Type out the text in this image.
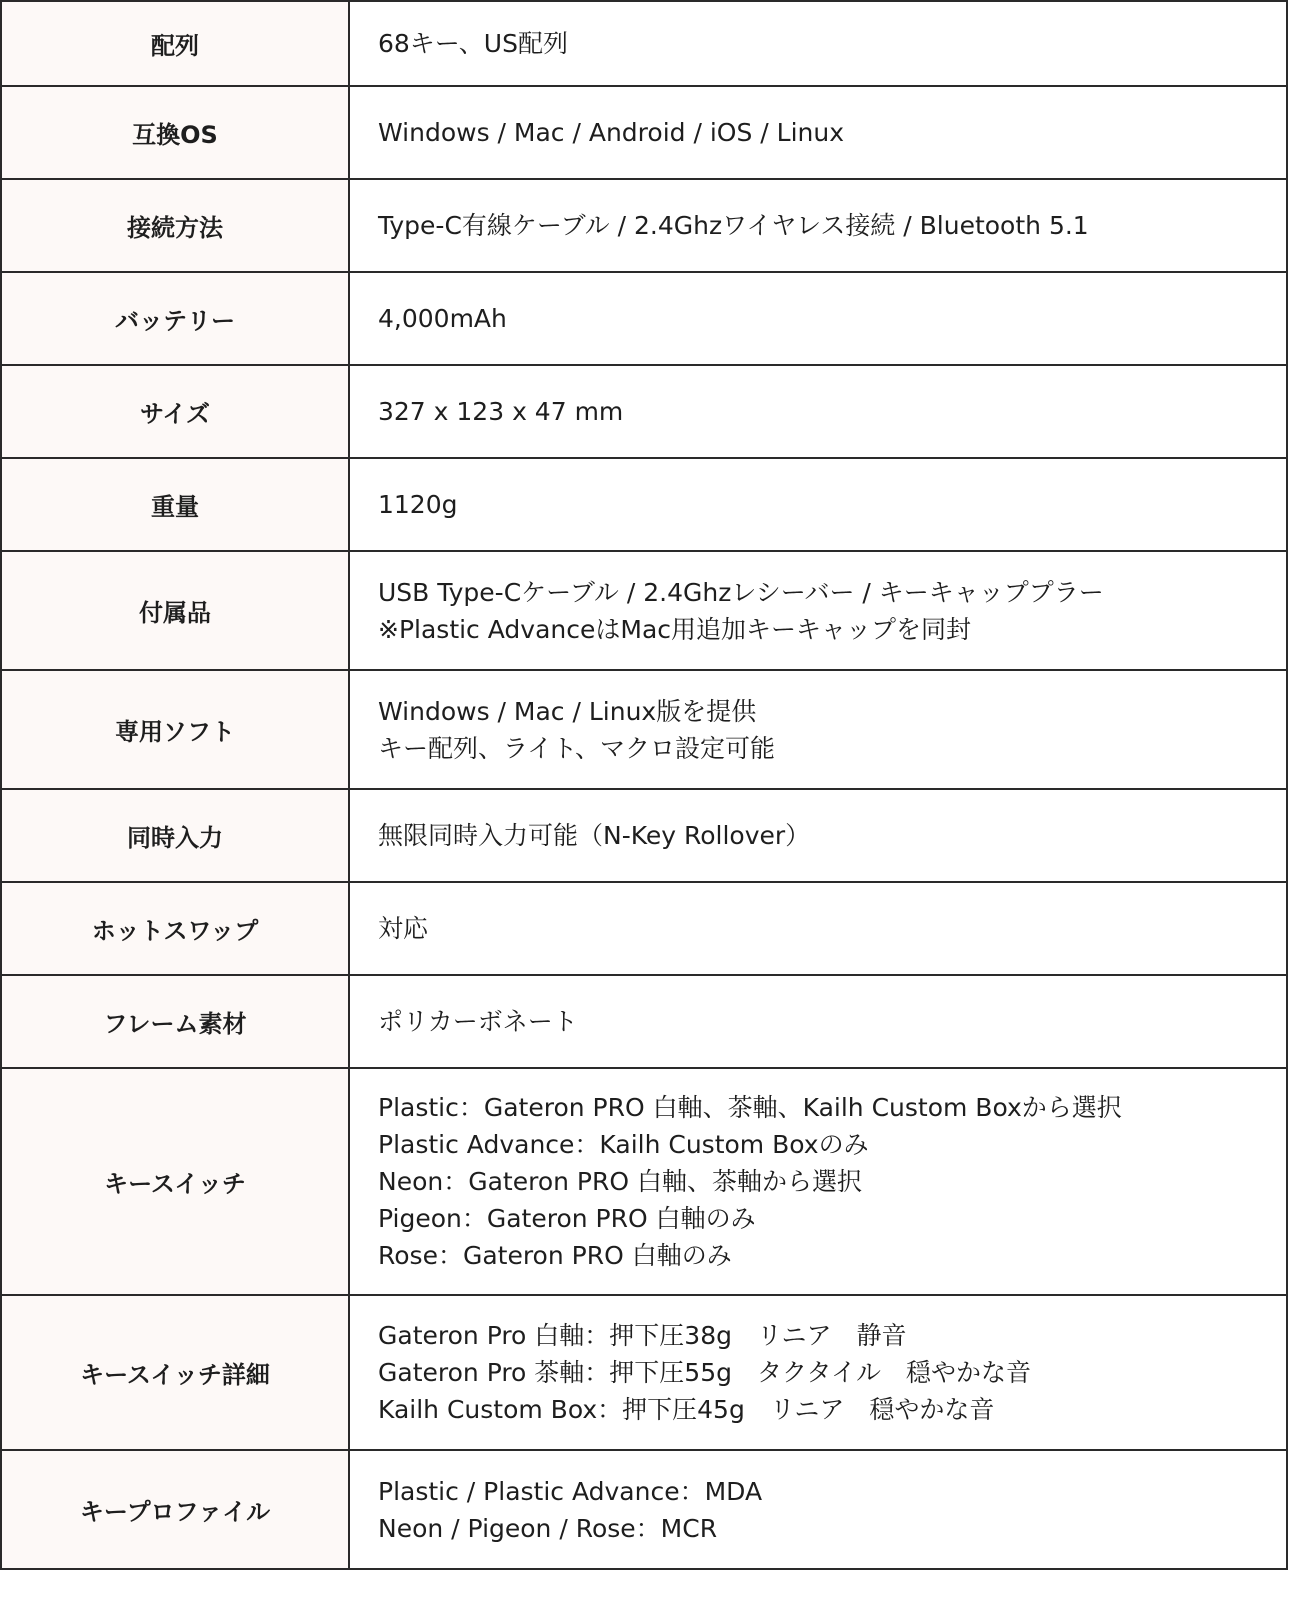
配列	68キー、US配列

互換OS	Windows / Mac / Android / iOS / Linux

接続方法	Type-C有線ケーブル / 2.4Ghzワイヤレス接続 / Bluetooth 5.1

バッテリー	4,000mAh

サイズ	327 x 123 x 47 mm

重量	1120g

付属品	USB Type-Cケーブル / 2.4Ghzレシーバー / キーキャッププラー
※Plastic AdvanceはMac用追加キーキャップを同封

専用ソフト	Windows / Mac / Linux版を提供
キー配列、ライト、マクロ設定可能

同時入力	無限同時入力可能（N-Key Rollover）

ホットスワップ	対応

フレーム素材	ポリカーボネート

キースイッチ	Plastic：Gateron PRO 白軸、茶軸、Kailh Custom Boxから選択
Plastic Advance：Kailh Custom Boxのみ
Neon：Gateron PRO 白軸、茶軸から選択
Pigeon：Gateron PRO 白軸のみ
Rose：Gateron PRO 白軸のみ

キースイッチ詳細	Gateron Pro 白軸：押下圧38g　リニア　静音
Gateron Pro 茶軸：押下圧55g　タクタイル　穏やかな音
Kailh Custom Box：押下圧45g　リニア　穏やかな音

キープロファイル	Plastic / Plastic Advance：MDA
Neon / Pigeon / Rose：MCR
